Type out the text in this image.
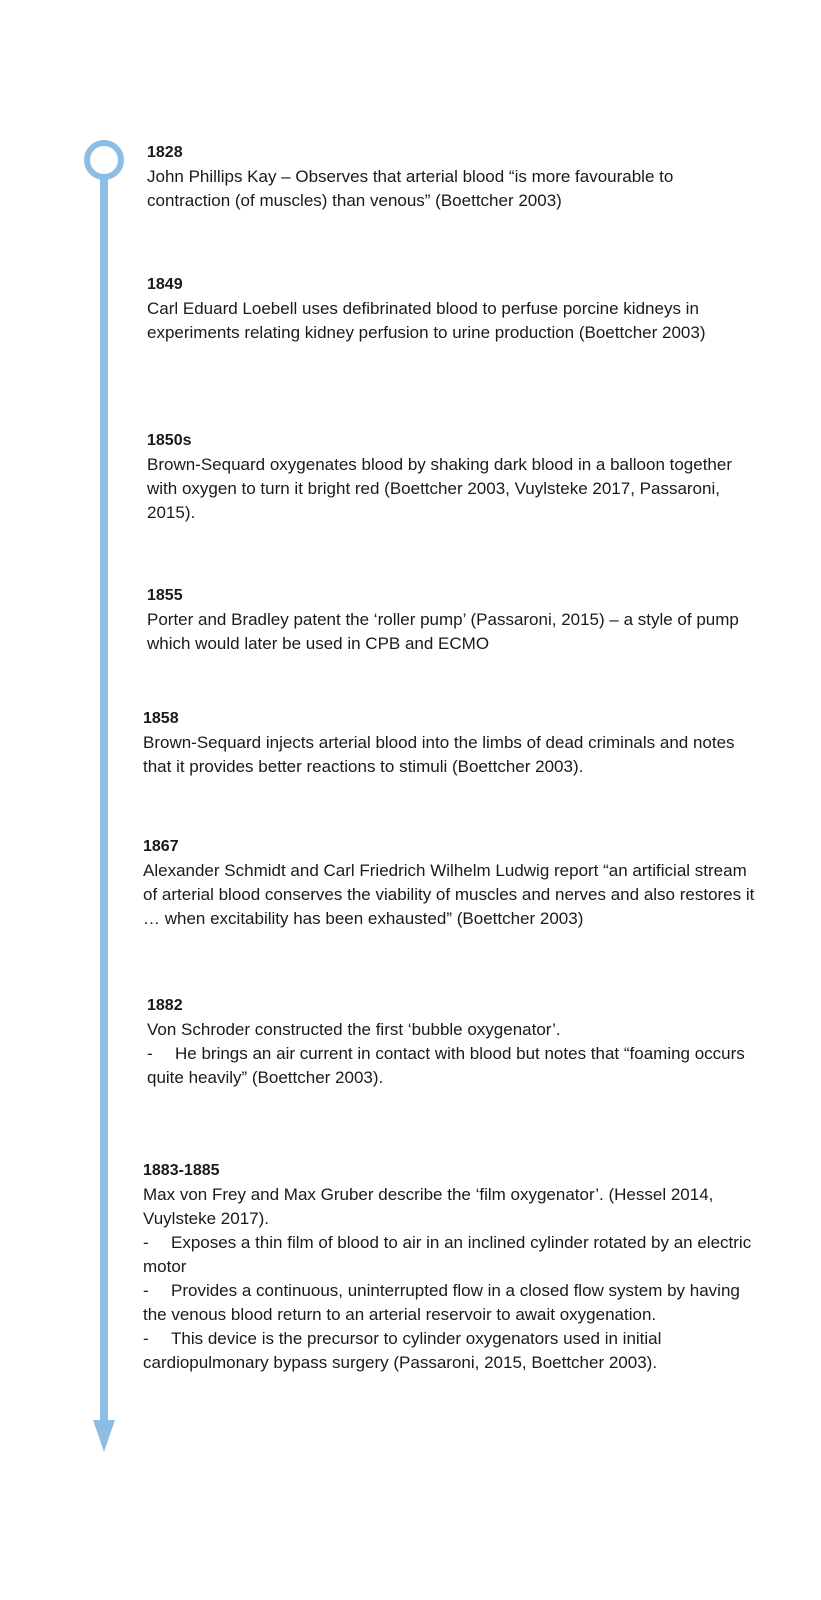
1828
John Phillips Kay – Observes that arterial blood “is more favourable to contraction (of muscles) than venous” (Boettcher 2003)
1849
Carl Eduard Loebell uses defibrinated blood to perfuse porcine kidneys in experiments relating kidney perfusion to urine production (Boettcher 2003)
1850s
Brown-Sequard oxygenates blood by shaking dark blood in a balloon together with oxygen to turn it bright red (Boettcher 2003, Vuylsteke 2017, Passaroni, 2015).
1855
Porter and Bradley patent the ‘roller pump’ (Passaroni, 2015) – a style of pump which would later be used in CPB and ECMO
1858
Brown-Sequard injects arterial blood into the limbs of dead criminals and notes that it provides better reactions to stimuli (Boettcher 2003).
1867
Alexander Schmidt and Carl Friedrich Wilhelm Ludwig report “an artificial stream of arterial blood conserves the viability of muscles and nerves and also restores it … when excitability has been exhausted” (Boettcher 2003)
1882
Von Schroder constructed the first ‘bubble oxygenator’.
- He brings an air current in contact with blood but notes that “foaming occurs quite heavily” (Boettcher 2003).
1883-1885
Max von Frey and Max Gruber describe the ‘film oxygenator’. (Hessel 2014, Vuylsteke 2017).
- Exposes a thin film of blood to air in an inclined cylinder rotated by an electric motor
- Provides a continuous, uninterrupted flow in a closed flow system by having the venous blood return to an arterial reservoir to await oxygenation.
- This device is the precursor to cylinder oxygenators used in initial cardiopulmonary bypass surgery (Passaroni, 2015, Boettcher 2003).
